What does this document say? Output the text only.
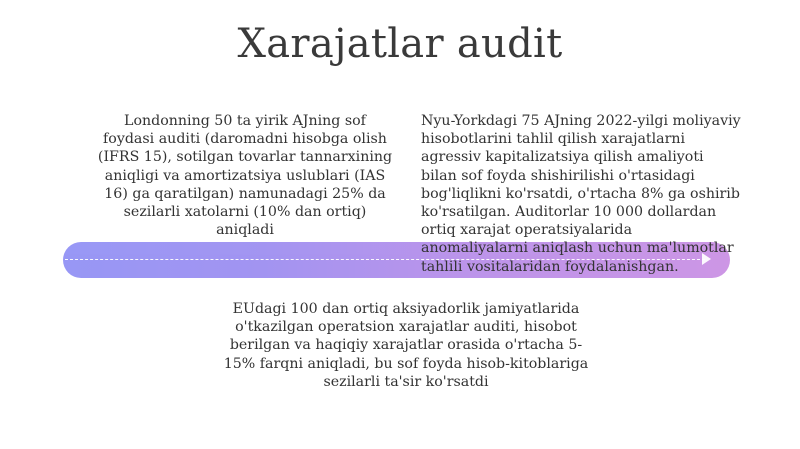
Xarajatlar audit
Londonning 50 ta yirik AJning sof foydasi auditi (daromadni hisobga olish (IFRS 15), sotilgan tovarlar tannarxining aniqligi va amortizatsiya uslublari (IAS 16) ga qaratilgan) namunadagi 25% da sezilarli xatolarni (10% dan ortiq) aniqladi
Nyu-Yorkdagi 75 AJning 2022-yilgi moliyaviy hisobotlarini tahlil qilish xarajatlarni agressiv kapitalizatsiya qilish amaliyoti bilan sof foyda shishirilishi o'rtasidagi bog'liqlikni ko'rsatdi, o'rtacha 8% ga oshirib ko'rsatilgan. Auditorlar 10 000 dollardan ortiq xarajat operatsiyalarida anomaliyalarni aniqlash uchun ma'lumotlar tahlili vositalaridan foydalanishgan.
EUdagi 100 dan ortiq aksiyadorlik jamiyatlarida o'tkazilgan operatsion xarajatlar auditi, hisobot berilgan va haqiqiy xarajatlar orasida o'rtacha 5-15% farqni aniqladi, bu sof foyda hisob-kitoblariga sezilarli ta'sir ko'rsatdi
